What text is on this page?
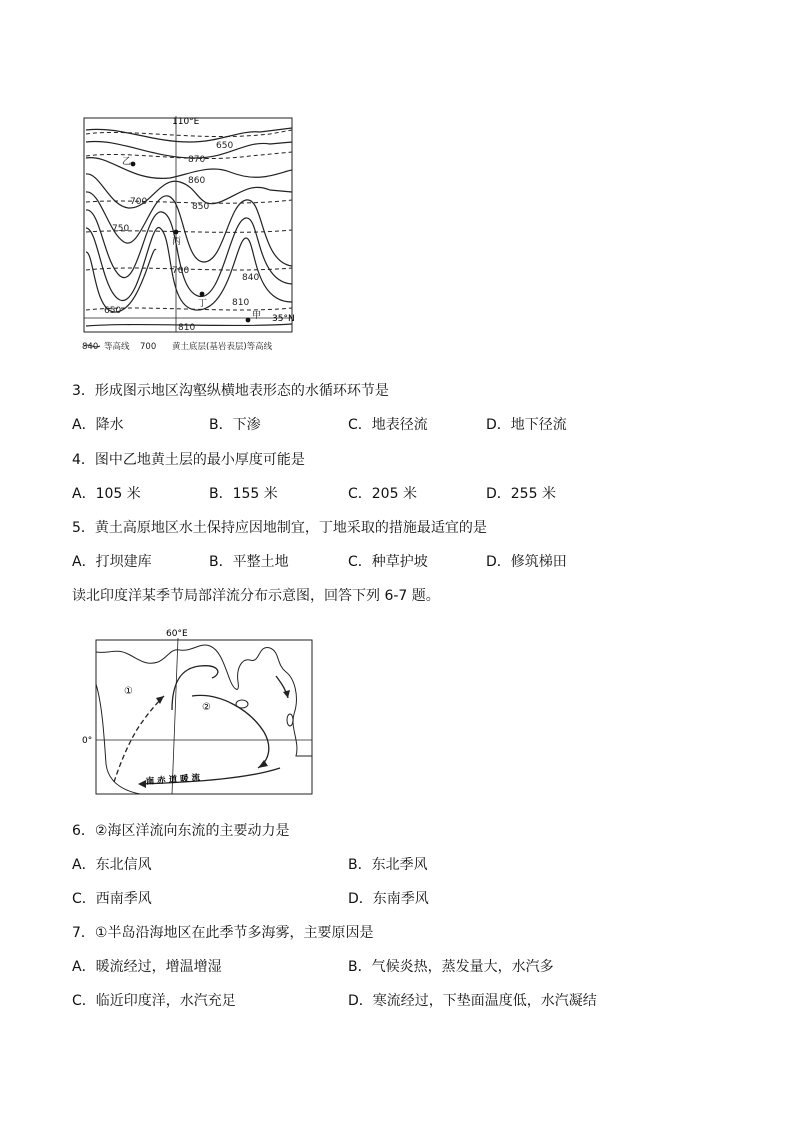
110°E
35°N
650
870
860
850
700
750
700
840
810
650
810
乙
丙
丁
甲
840 等高线 700 黄土底层(基岩表层)等高线
3．形成图示地区沟壑纵横地表形态的水循环环节是
A．降水	B．下渗	C．地表径流	D．地下径流
4．图中乙地黄土层的最小厚度可能是
A．105 米	B．155 米	C．205 米	D．255 米
5．黄土高原地区水土保持应因地制宜，丁地采取的措施最适宜的是
A．打坝建库	B．平整土地	C．种草护坡	D．修筑梯田
读北印度洋某季节局部洋流分布示意图，回答下列 6-7 题。
60°E
0°
①
②
南 赤 道 暖 流
6．②海区洋流向东流的主要动力是
A．东北信风	B．东北季风
C．西南季风	D．东南季风
7．①半岛沿海地区在此季节多海雾，主要原因是
A．暖流经过，增温增湿	B．气候炎热，蒸发量大，水汽多
C．临近印度洋，水汽充足	D．寒流经过，下垫面温度低，水汽凝结
